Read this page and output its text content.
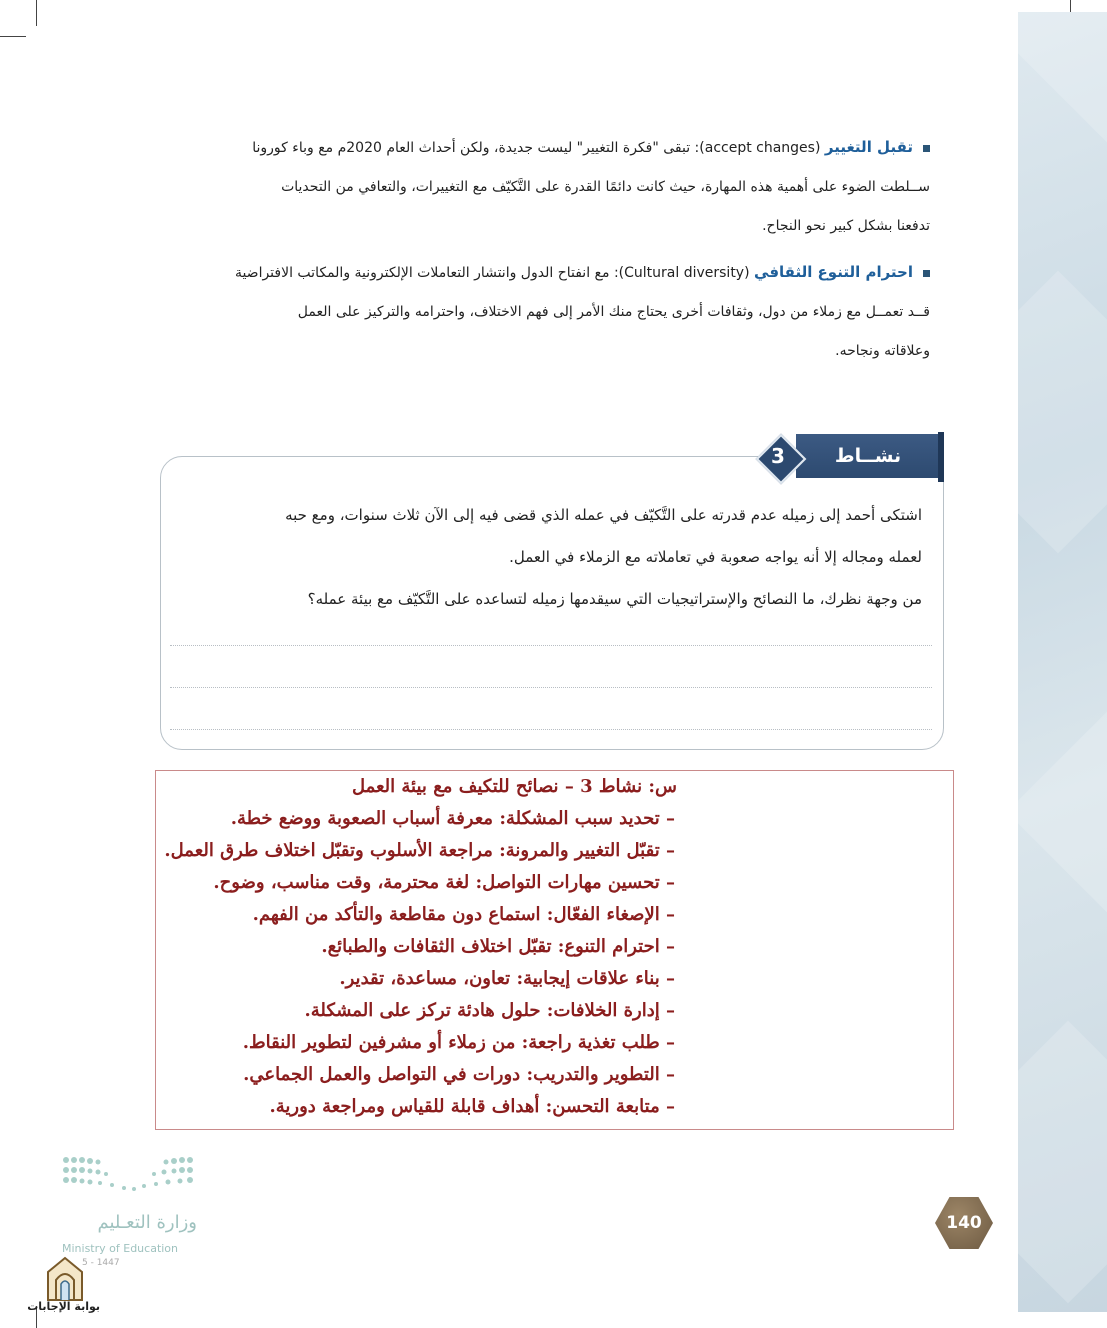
تقبل التغيير (accept changes): تبقى "فكرة التغيير" ليست جديدة، ولكن أحداث العام 2020م مع وباء كورونا
ســلطت الضوء على أهمية هذه المهارة، حيث كانت دائمًا القدرة على التَّكيّف مع التغييرات، والتعافي من التحديات
تدفعنا بشكل كبير نحو النجاح.
احترام التنوع الثقافي (Cultural diversity): مع انفتاح الدول وانتشار التعاملات الإلكترونية والمكاتب الافتراضية
قــد تعمــل مع زملاء من دول، وثقافات أخرى يحتاج منك الأمر إلى فهم الاختلاف، واحترامه والتركيز على العمل
وعلاقاته ونجاحه.
نشــاط
3
اشتكى أحمد إلى زميله عدم قدرته على التَّكيّف في عمله الذي قضى فيه إلى الآن ثلاث سنوات، ومع حبه
لعمله ومجاله إلا أنه يواجه صعوبة في تعاملاته مع الزملاء في العمل.
من وجهة نظرك، ما النصائح والإستراتيجيات التي سيقدمها زميله لتساعده على التَّكيّف مع بيئة عمله؟
س: نشاط 3 – نصائح للتكيف مع بيئة العمل
– تحديد سبب المشكلة: معرفة أسباب الصعوبة ووضع خطة.
– تقبّل التغيير والمرونة: مراجعة الأسلوب وتقبّل اختلاف طرق العمل.
– تحسين مهارات التواصل: لغة محترمة، وقت مناسب، وضوح.
– الإصغاء الفعّال: استماع دون مقاطعة والتأكد من الفهم.
– احترام التنوع: تقبّل اختلاف الثقافات والطبائع.
– بناء علاقات إيجابية: تعاون، مساعدة، تقدير.
– إدارة الخلافات: حلول هادئة تركز على المشكلة.
– طلب تغذية راجعة: من زملاء أو مشرفين لتطوير النقاط.
– التطوير والتدريب: دورات في التواصل والعمل الجماعي.
– متابعة التحسن: أهداف قابلة للقياس ومراجعة دورية.
وزارة التعـليم
Ministry of Education
5 - 1447
بوابة الإجابات
140
